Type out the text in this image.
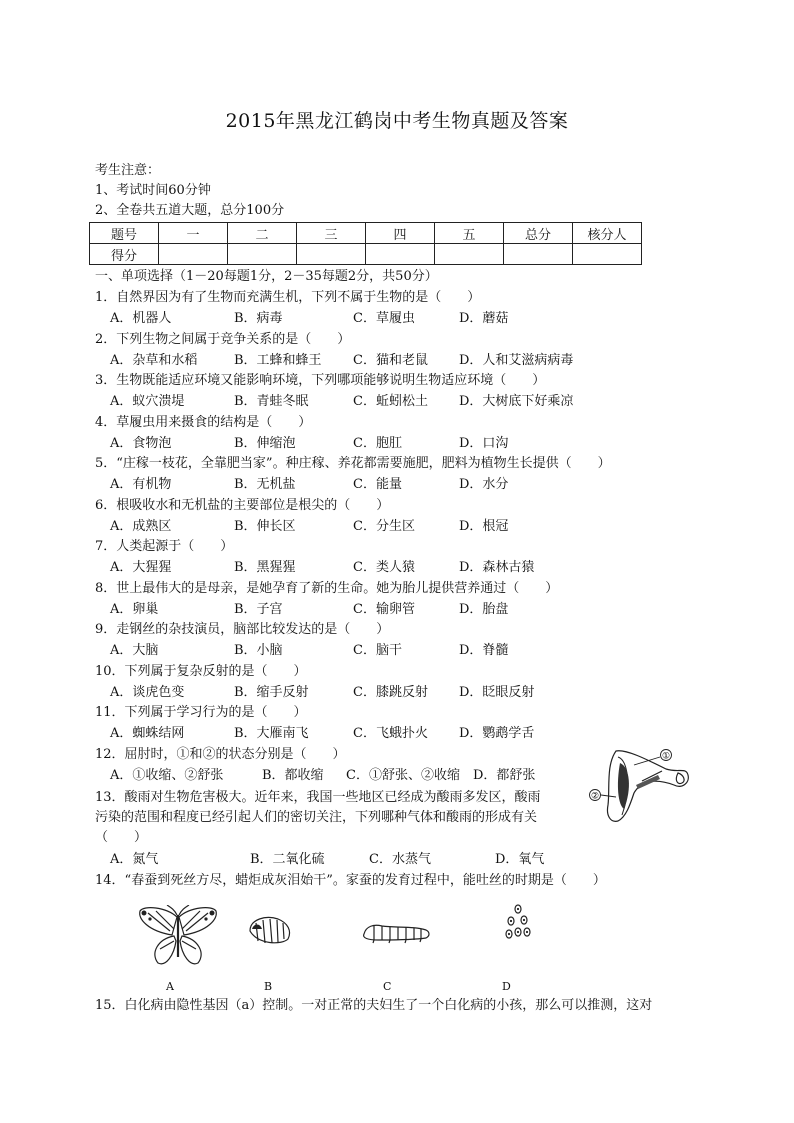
2015年黑龙江鹤岗中考生物真题及答案
考生注意：
1、考试时间60分钟
2、全卷共五道大题，总分100分
题号	一	二	三	四	五	总分	核分人
得分							
一、单项选择（1－20每题1分，2－35每题2分，共50分）
1．自然界因为有了生物而充满生机，下列不属于生物的是（　　）
A．机器人	B．病毒	C．草履虫	D．蘑菇
2．下列生物之间属于竞争关系的是（　　）
A．杂草和水稻	B．工蜂和蜂王 C．猫和老鼠 D．人和艾滋病病毒
3．生物既能适应环境又能影响环境，下列哪项能够说明生物适应环境（　　）
A．蚁穴溃堤	B．青蛙冬眠	C．蚯蚓松土 D．大树底下好乘凉
4．草履虫用来摄食的结构是（　　）
A．食物泡	B．伸缩泡	C．胞肛	D．口沟
5．“庄稼一枝花，全靠肥当家”。种庄稼、养花都需要施肥，肥料为植物生长提供（　　）
A．有机物	B．无机盐	C．能量	D．水分
6．根吸收水和无机盐的主要部位是根尖的（　　）
A．成熟区	B．伸长区	C．分生区	D．根冠
7．人类起源于（　　）
A．大猩猩	B．黑猩猩	C．类人猿	D．森林古猿
8．世上最伟大的是母亲，是她孕育了新的生命。她为胎儿提供营养通过（　　）
A．卵巢	B．子宫	C．输卵管	D．胎盘
9．走钢丝的杂技演员，脑部比较发达的是（　　）
A．大脑	B．小脑	C．脑干	D．脊髓
10．下列属于复杂反射的是（　　）
A．谈虎色变	B．缩手反射	C．膝跳反射 D．眨眼反射
11．下列属于学习行为的是（　　）
A．蜘蛛结网	B．大雁南飞	C．飞蛾扑火 D．鹦鹉学舌
12．屈肘时，①和②的状态分别是（　　）
A．①收缩、②舒张	B．都收缩 C．①舒张、②收缩 D．都舒张
13．酸雨对生物危害极大。近年来，我国一些地区已经成为酸雨多发区，酸雨
污染的范围和程度已经引起人们的密切关注，下列哪种气体和酸雨的形成有关
（　　）
A．氮气	B．二氧化硫	C．水蒸气	D．氧气
14．“春蚕到死丝方尽，蜡炬成灰泪始干”。家蚕的发育过程中，能吐丝的时期是（　　）
A	B	C	D
15．白化病由隐性基因（a）控制。一对正常的夫妇生了一个白化病的小孩，那么可以推测，这对
①
②
